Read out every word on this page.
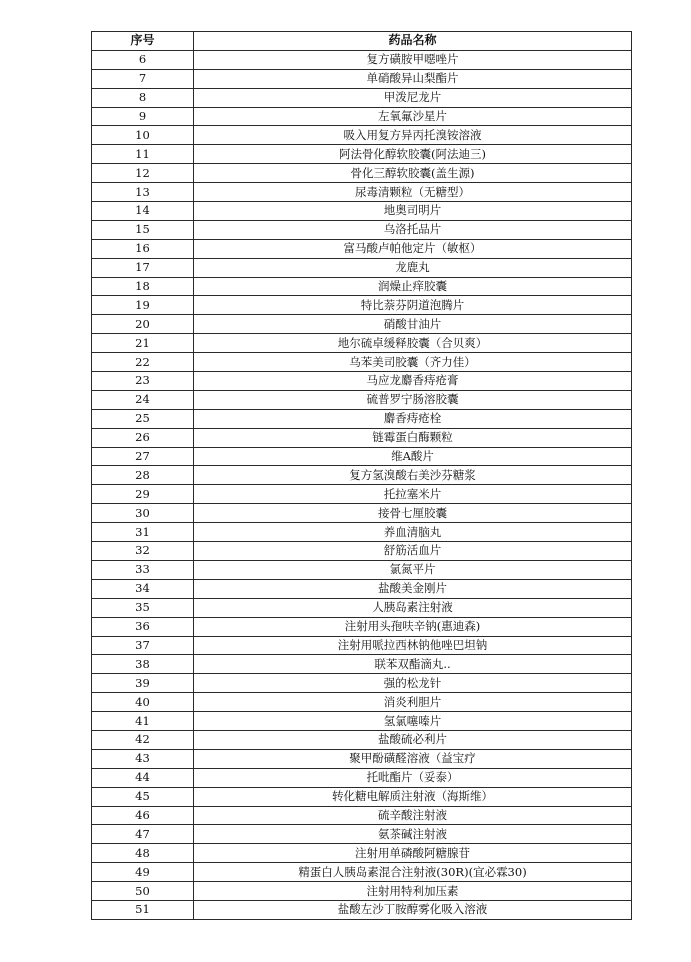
序号	药品名称
6	复方磺胺甲噁唑片
7	单硝酸异山梨酯片
8	甲泼尼龙片
9	左氧氟沙星片
10	吸入用复方异丙托溴铵溶液
11	阿法骨化醇软胶囊(阿法迪三)
12	骨化三醇软胶囊(盖生源)
13	尿毒清颗粒（无糖型）
14	地奥司明片
15	乌洛托品片
16	富马酸卢帕他定片（敏枢）
17	龙鹿丸
18	润燥止痒胶囊
19	特比萘芬阴道泡腾片
20	硝酸甘油片
21	地尔硫卓缓释胶囊（合贝爽）
22	乌苯美司胶囊（齐力佳）
23	马应龙麝香痔疮膏
24	硫普罗宁肠溶胶囊
25	麝香痔疮栓
26	链霉蛋白酶颗粒
27	维A酸片
28	复方氢溴酸右美沙芬糖浆
29	托拉塞米片
30	接骨七厘胶囊
31	养血清脑丸
32	舒筋活血片
33	氯氮平片
34	盐酸美金刚片
35	人胰岛素注射液
36	注射用头孢呋辛钠(惠迪森)
37	注射用哌拉西林钠他唑巴坦钠
38	联苯双酯滴丸..
39	强的松龙针
40	消炎利胆片
41	氢氯噻嗪片
42	盐酸硫必利片
43	聚甲酚磺醛溶液（益宝疗
44	托吡酯片（妥泰）
45	转化糖电解质注射液（海斯维）
46	硫辛酸注射液
47	氨茶碱注射液
48	注射用单磷酸阿糖腺苷
49	精蛋白人胰岛素混合注射液(30R)(宜必霖30)
50	注射用特利加压素
51	盐酸左沙丁胺醇雾化吸入溶液
